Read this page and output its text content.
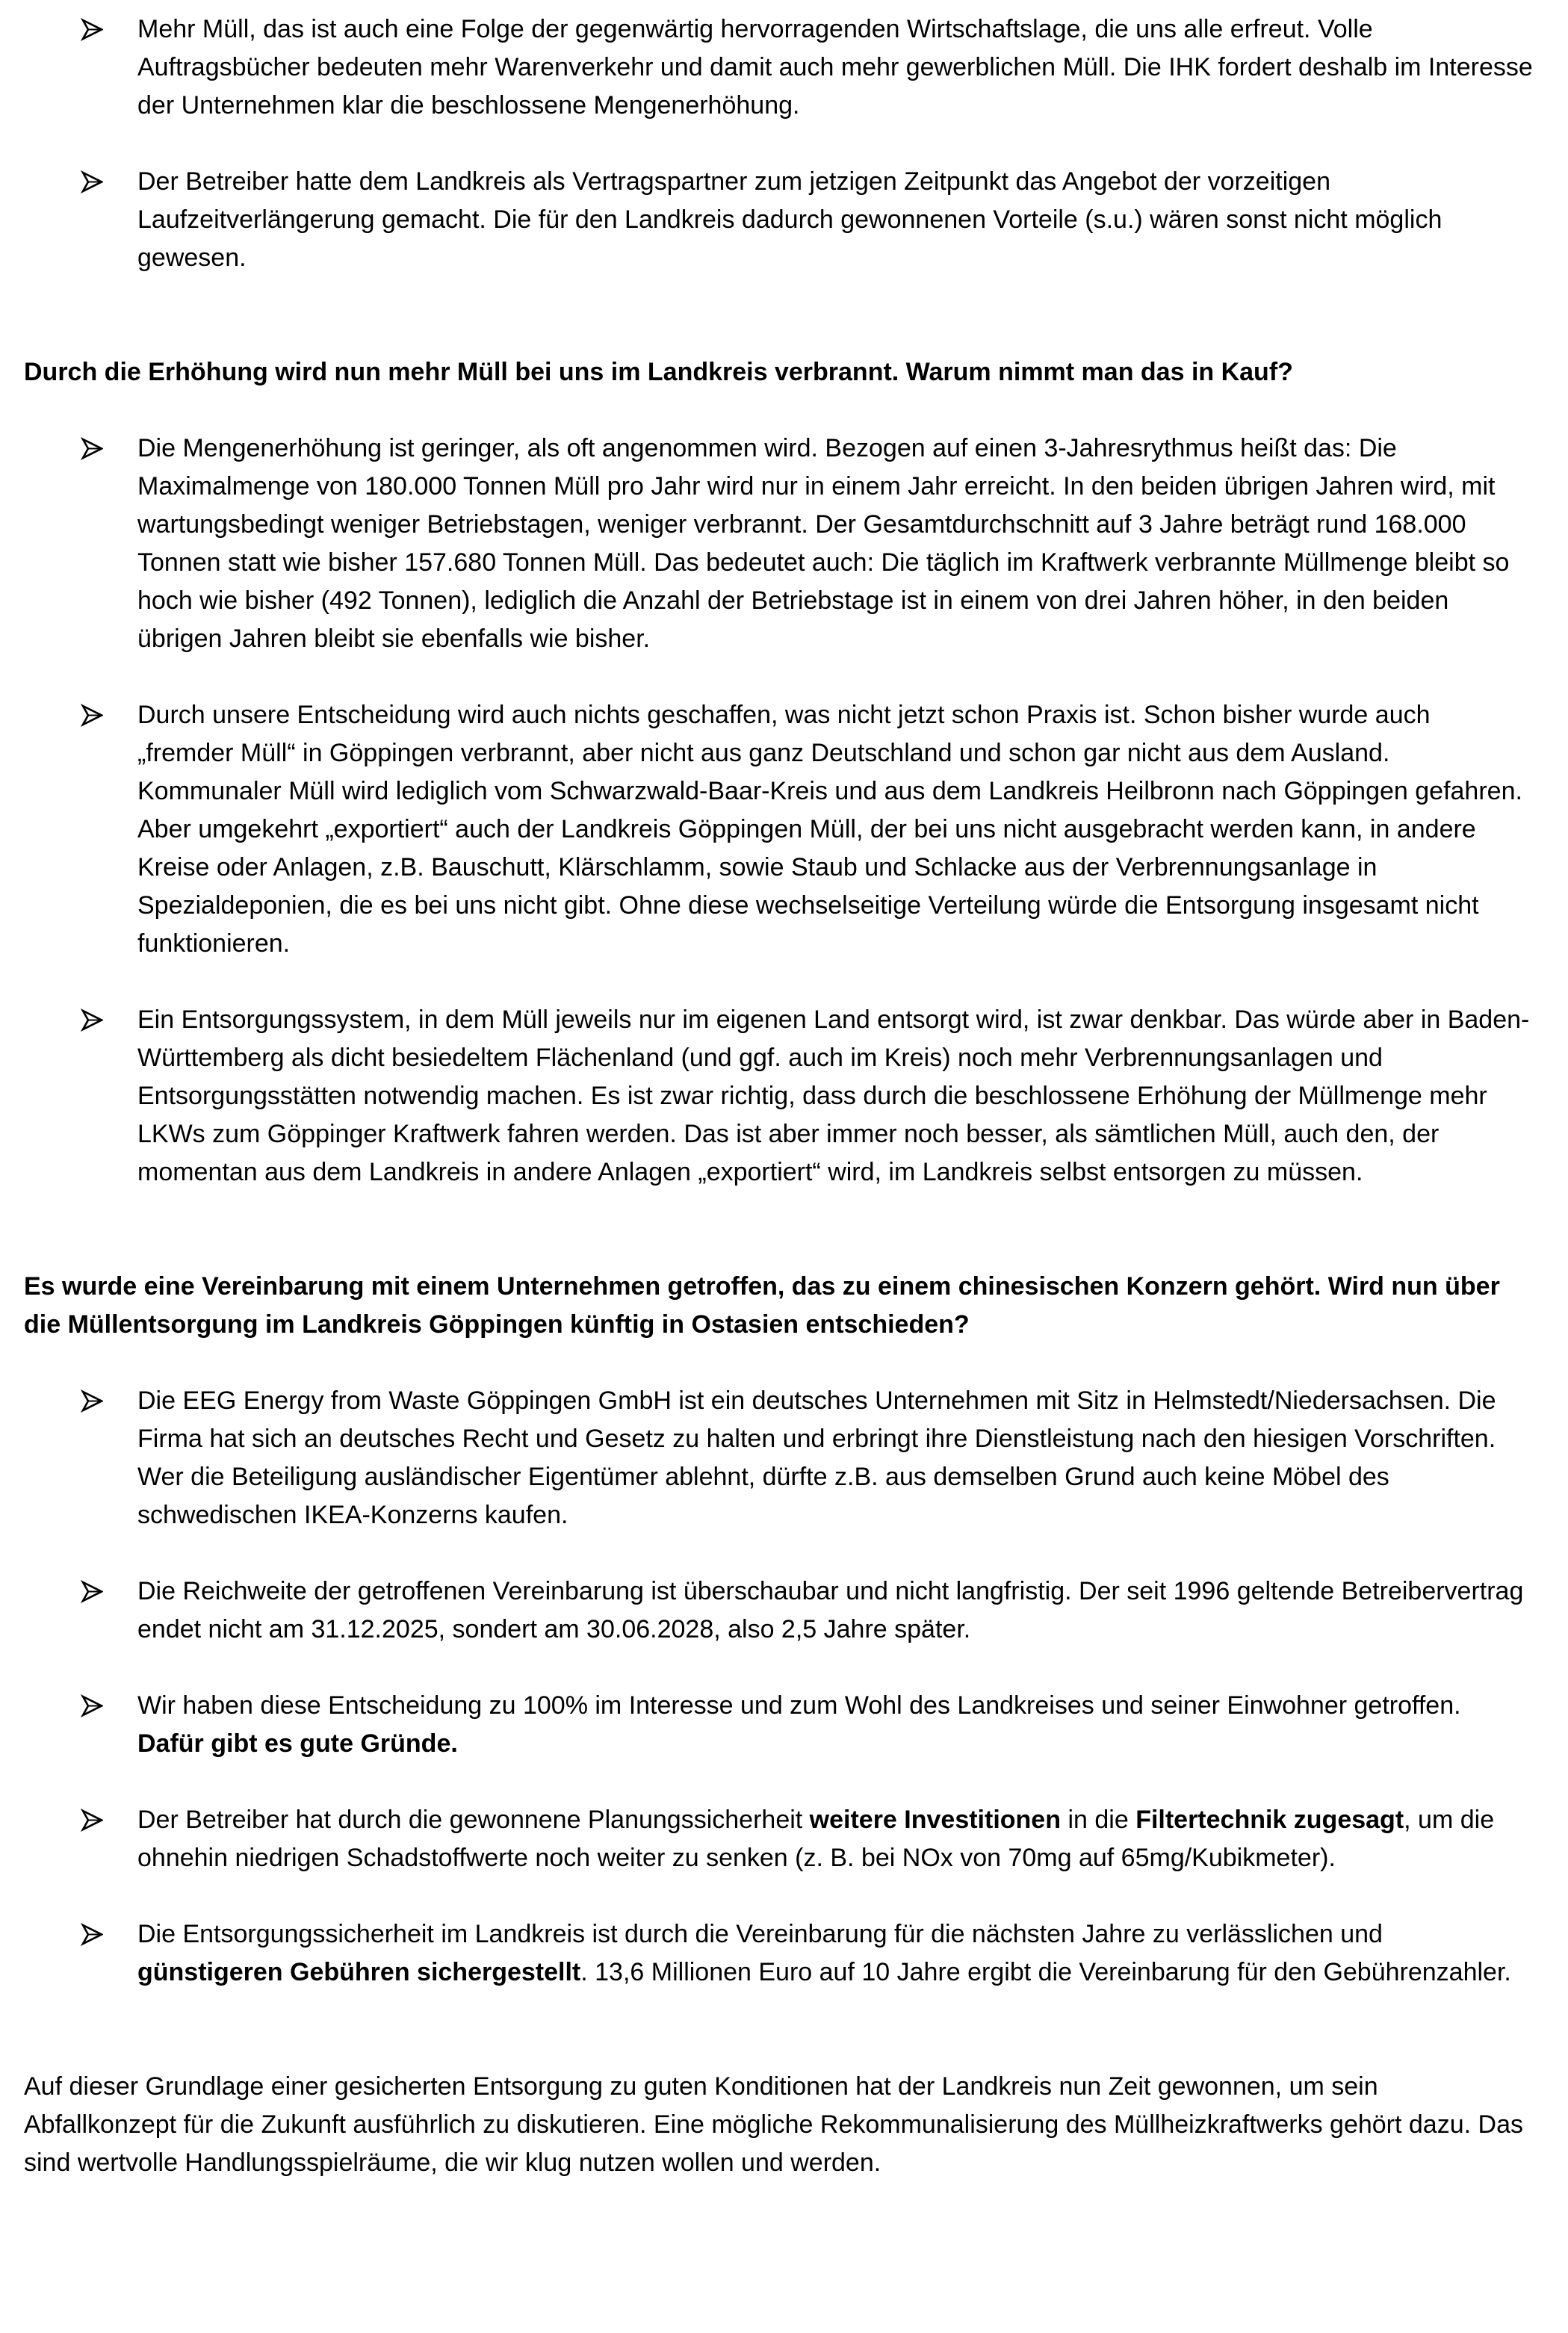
Mehr Müll, das ist auch eine Folge der gegenwärtig hervorragenden Wirtschaftslage, die uns alle erfreut. Volle Auftragsbücher bedeuten mehr Warenverkehr und damit auch mehr gewerblichen Müll. Die IHK fordert deshalb im Interesse der Unternehmen klar die beschlossene Mengenerhöhung.
Der Betreiber hatte dem Landkreis als Vertragspartner zum jetzigen Zeitpunkt das Angebot der vorzeitigen Laufzeitverlängerung gemacht. Die für den Landkreis dadurch gewonnenen Vorteile (s.u.) wären sonst nicht möglich gewesen.
Durch die Erhöhung wird nun mehr Müll bei uns im Landkreis verbrannt. Warum nimmt man das in Kauf?
Die Mengenerhöhung ist geringer, als oft angenommen wird. Bezogen auf einen 3-Jahresrythmus heißt das: Die Maximalmenge von 180.000 Tonnen Müll pro Jahr wird nur in einem Jahr erreicht. In den beiden übrigen Jahren wird, mit wartungsbedingt weniger Betriebstagen, weniger verbrannt. Der Gesamtdurchschnitt auf 3 Jahre beträgt rund 168.000 Tonnen statt wie bisher 157.680 Tonnen Müll. Das bedeutet auch: Die täglich im Kraftwerk verbrannte Müllmenge bleibt so hoch wie bisher (492 Tonnen), lediglich die Anzahl der Betriebstage ist in einem von drei Jahren höher, in den beiden übrigen Jahren bleibt sie ebenfalls wie bisher.
Durch unsere Entscheidung wird auch nichts geschaffen, was nicht jetzt schon Praxis ist. Schon bisher wurde auch „fremder Müll“ in Göppingen verbrannt, aber nicht aus ganz Deutschland und schon gar nicht aus dem Ausland. Kommunaler Müll wird lediglich vom Schwarzwald-Baar-Kreis und aus dem Landkreis Heilbronn nach Göppingen gefahren. Aber umgekehrt „exportiert“ auch der Landkreis Göppingen Müll, der bei uns nicht ausgebracht werden kann, in andere Kreise oder Anlagen, z.B. Bauschutt, Klärschlamm, sowie Staub und Schlacke aus der Verbrennungsanlage in Spezialdeponien, die es bei uns nicht gibt. Ohne diese wechselseitige Verteilung würde die Entsorgung insgesamt nicht funktionieren.
Ein Entsorgungssystem, in dem Müll jeweils nur im eigenen Land entsorgt wird, ist zwar denkbar. Das würde aber in Baden-Württemberg als dicht besiedeltem Flächenland (und ggf. auch im Kreis) noch mehr Verbrennungsanlagen und Entsorgungsstätten notwendig machen. Es ist zwar richtig, dass durch die beschlossene Erhöhung der Müllmenge mehr LKWs zum Göppinger Kraftwerk fahren werden. Das ist aber immer noch besser, als sämtlichen Müll, auch den, der momentan aus dem Landkreis in andere Anlagen „exportiert“ wird, im Landkreis selbst entsorgen zu müssen.
Es wurde eine Vereinbarung mit einem Unternehmen getroffen, das zu einem chinesischen Konzern gehört. Wird nun über die Müllentsorgung im Landkreis Göppingen künftig in Ostasien entschieden?
Die EEG Energy from Waste Göppingen GmbH ist ein deutsches Unternehmen mit Sitz in Helmstedt/Niedersachsen. Die Firma hat sich an deutsches Recht und Gesetz zu halten und erbringt ihre Dienstleistung nach den hiesigen Vorschriften. Wer die Beteiligung ausländischer Eigentümer ablehnt, dürfte z.B. aus demselben Grund auch keine Möbel des schwedischen IKEA-Konzerns kaufen.
Die Reichweite der getroffenen Vereinbarung ist überschaubar und nicht langfristig. Der seit 1996 geltende Betreibervertrag endet nicht am 31.12.2025, sondert am 30.06.2028, also 2,5 Jahre später.
Wir haben diese Entscheidung zu 100% im Interesse und zum Wohl des Landkreises und seiner Einwohner getroffen. Dafür gibt es gute Gründe.
Der Betreiber hat durch die gewonnene Planungssicherheit weitere Investitionen in die Filtertechnik zugesagt, um die ohnehin niedrigen Schadstoffwerte noch weiter zu senken (z. B. bei NOx von 70mg auf 65mg/Kubikmeter).
Die Entsorgungssicherheit im Landkreis ist durch die Vereinbarung für die nächsten Jahre zu verlässlichen und günstigeren Gebühren sichergestellt. 13,6 Millionen Euro auf 10 Jahre ergibt die Vereinbarung für den Gebührenzahler.

Auf dieser Grundlage einer gesicherten Entsorgung zu guten Konditionen hat der Landkreis nun Zeit gewonnen, um sein Abfallkonzept für die Zukunft ausführlich zu diskutieren. Eine mögliche Rekommunalisierung des Müllheizkraftwerks gehört dazu. Das sind wertvolle Handlungsspielräume, die wir klug nutzen wollen und werden.
